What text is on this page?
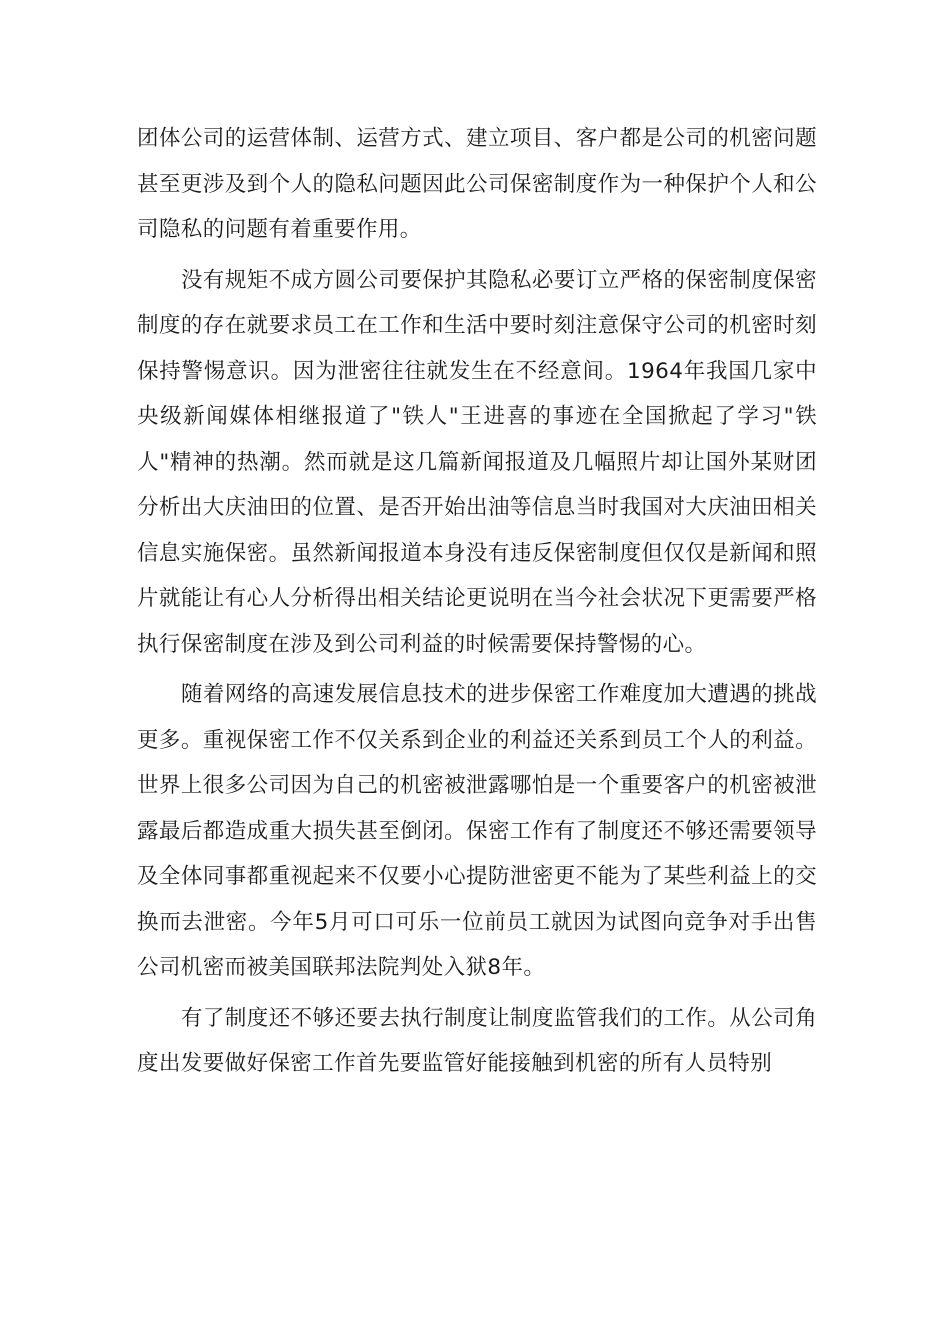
团体公司的运营体制、运营方式、建立项目、客户都是公司的机密问题甚至更涉及到个人的隐私问题因此公司保密制度作为一种保护个人和公司隐私的问题有着重要作用。

没有规矩不成方圆公司要保护其隐私必要订立严格的保密制度保密制度的存在就要求员工在工作和生活中要时刻注意保守公司的机密时刻保持警惕意识。因为泄密往往就发生在不经意间。1964年我国几家中央级新闻媒体相继报道了"铁人"王进喜的事迹在全国掀起了学习"铁人"精神的热潮。然而就是这几篇新闻报道及几幅照片却让国外某财团分析出大庆油田的位置、是否开始出油等信息当时我国对大庆油田相关信息实施保密。虽然新闻报道本身没有违反保密制度但仅仅是新闻和照片就能让有心人分析得出相关结论更说明在当今社会状况下更需要严格执行保密制度在涉及到公司利益的时候需要保持警惕的心。

随着网络的高速发展信息技术的进步保密工作难度加大遭遇的挑战更多。重视保密工作不仅关系到企业的利益还关系到员工个人的利益。世界上很多公司因为自己的机密被泄露哪怕是一个重要客户的机密被泄露最后都造成重大损失甚至倒闭。保密工作有了制度还不够还需要领导及全体同事都重视起来不仅要小心提防泄密更不能为了某些利益上的交换而去泄密。今年5月可口可乐一位前员工就因为试图向竞争对手出售公司机密而被美国联邦法院判处入狱8年。

有了制度还不够还要去执行制度让制度监管我们的工作。从公司角度出发要做好保密工作首先要监管好能接触到机密的所有人员特别
